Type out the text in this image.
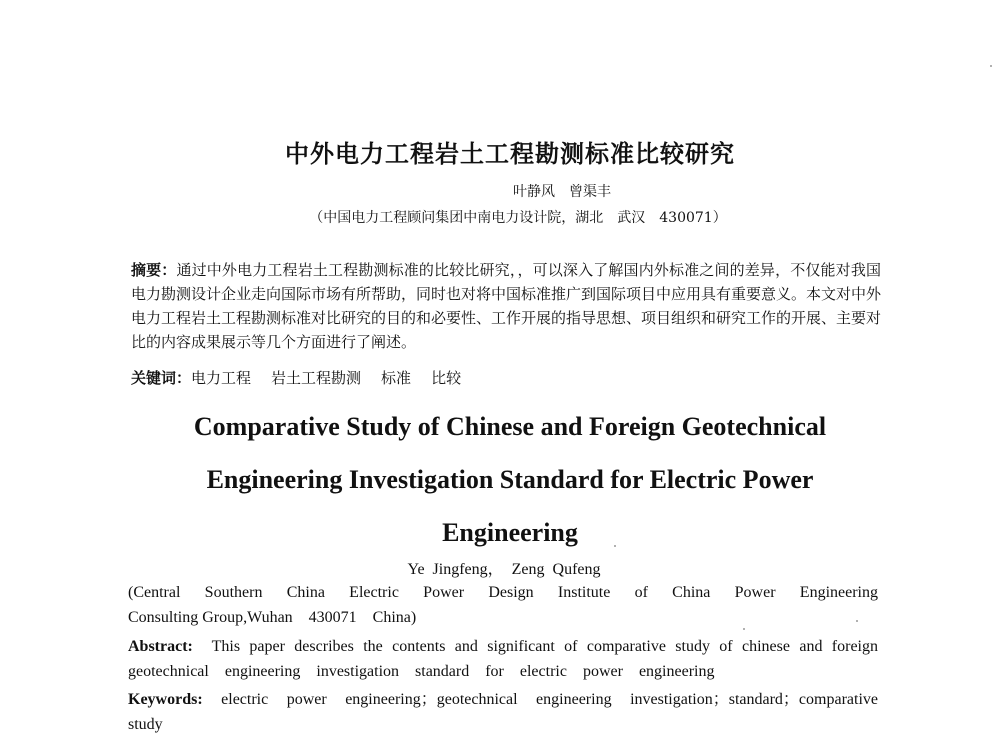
中外电力工程岩土工程勘测标准比较研究
叶静风　曾渠丰
（中国电力工程顾问集团中南电力设计院，湖北　武汉　430071）
摘要：通过中外电力工程岩土工程勘测标准的比较比研究，，可以深入了解国内外标准之间的差异，不仅能对我国电力勘测设计企业走向国际市场有所帮助，同时也对将中国标准推广到国际项目中应用具有重要意义。本文对中外电力工程岩土工程勘测标准对比研究的目的和必要性、工作开展的指导思想、项目组织和研究工作的开展、主要对比的内容成果展示等几个方面进行了阐述。
关键词：电力工程 岩土工程勘测 标准 比较
Comparative Study of Chinese and Foreign Geotechnical Engineering Investigation Standard for Electric Power Engineering
Ye Jingfeng， Zeng Qufeng
(Central Southern China Electric Power Design Institute of China Power Engineering
Consulting Group,Wuhan　430071　China)
Abstract: This paper describes the contents and significant of comparative study of chinese and foreign
geotechnical engineering investigation standard for electric power engineering
Keywords: electric power engineering；geotechnical engineering investigation；standard；comparative
study
